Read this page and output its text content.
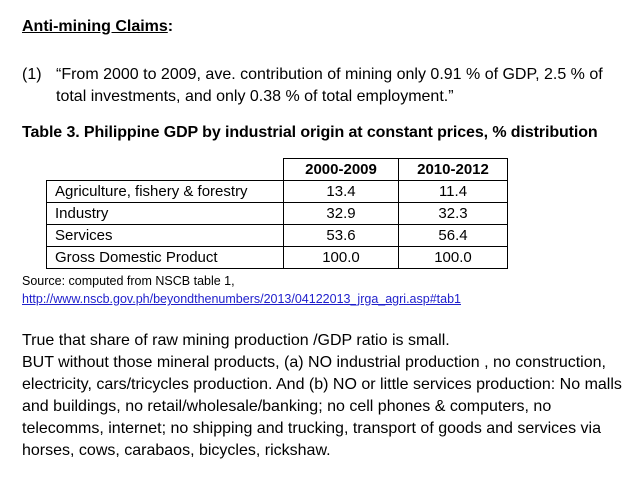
Anti-mining Claims:
(1) “From 2000 to 2009, ave. contribution of mining only 0.91 % of GDP, 2.5 % of total investments, and only 0.38 % of total employment.”
Table 3. Philippine GDP by industrial origin at constant prices, % distribution
	2000-2009	2010-2012
Agriculture, fishery & forestry	13.4	11.4
Industry	32.9	32.3
Services	53.6	56.4
Gross Domestic Product	100.0	100.0
Source: computed from NSCB table 1,
http://www.nscb.gov.ph/beyondthenumbers/2013/04122013_jrga_agri.asp#tab1
True that share of raw mining production /GDP ratio is small.
BUT without those mineral products, (a) NO industrial production , no construction, electricity, cars/tricycles production. And (b) NO or little services production: No malls and buildings, no retail/wholesale/banking; no cell phones & computers, no telecomms, internet; no shipping and trucking, transport of goods and services via horses, cows, carabaos, bicycles, rickshaw.
